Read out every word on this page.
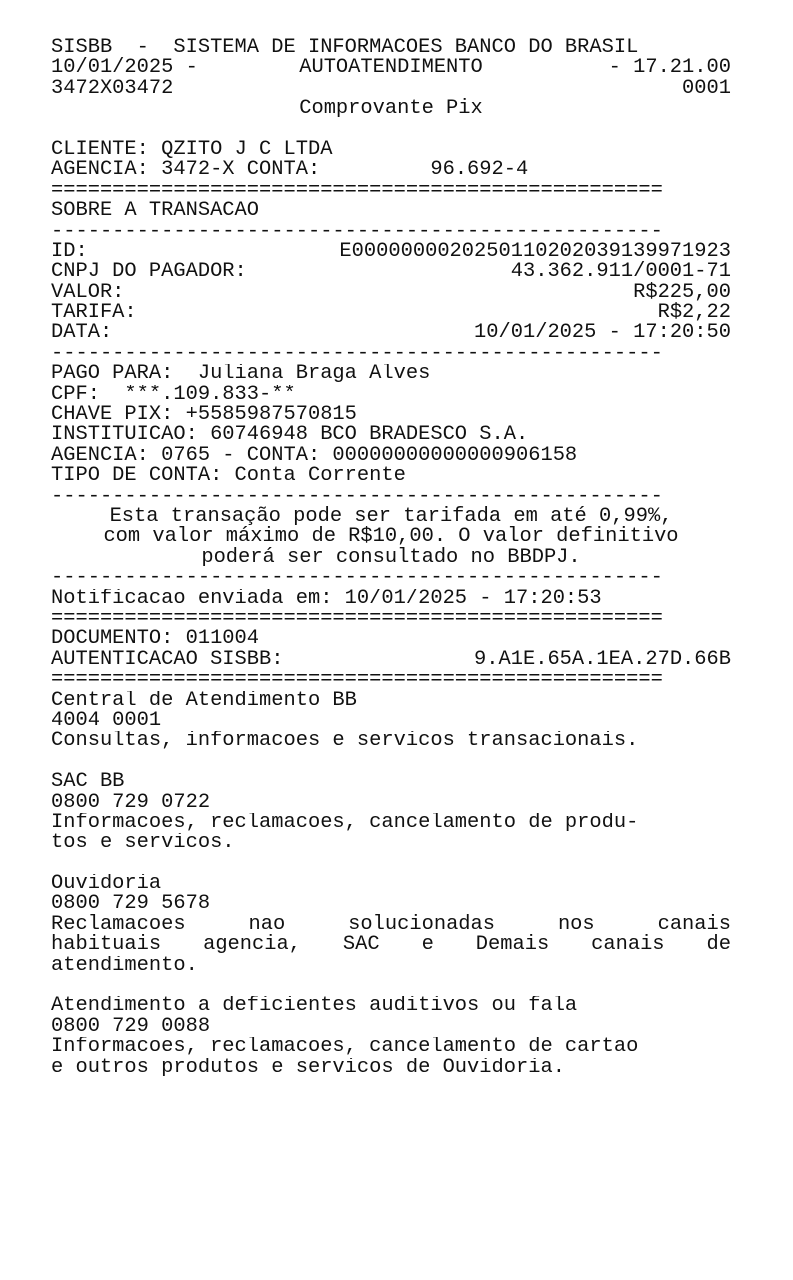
SISBB  -  SISTEMA DE INFORMACOES BANCO DO BRASIL
10/01/2025 -	AUTOATENDIMENTO	- 17.21.00
3472X03472	0001
Comprovante Pix
CLIENTE: QZITO J C LTDA
AGENCIA: 3472-X CONTA:	96.692-4
==================================================
SOBRE A TRANSACAO
--------------------------------------------------
ID:	E0000000020250110202039139971923
CNPJ DO PAGADOR:	43.362.911/0001-71
VALOR:	R$225,00
TARIFA:	R$2,22
DATA:	10/01/2025 - 17:20:50
--------------------------------------------------
PAGO PARA:  Juliana Braga Alves
CPF:  ***.109.833-**
CHAVE PIX: +5585987570815
INSTITUICAO: 60746948 BCO BRADESCO S.A.
AGENCIA: 0765 - CONTA: 00000000000000906158
TIPO DE CONTA: Conta Corrente
--------------------------------------------------
Esta transação pode ser tarifada em até 0,99%,
com valor máximo de R$10,00. O valor definitivo
poderá ser consultado no BBDPJ.
--------------------------------------------------
Notificacao enviada em: 10/01/2025 - 17:20:53
==================================================
DOCUMENTO: 011004
AUTENTICACAO SISBB:	9.A1E.65A.1EA.27D.66B
==================================================
Central de Atendimento BB
4004 0001
Consultas, informacoes e servicos transacionais.
SAC BB
0800 729 0722
Informacoes, reclamacoes, cancelamento de produ-
tos e servicos.
Ouvidoria
0800 729 5678
Reclamacoes	nao	solucionadas	nos	canais
habituais agencia, SAC e Demais canais de
atendimento.
Atendimento a deficientes auditivos ou fala
0800 729 0088
Informacoes, reclamacoes, cancelamento de cartao
e outros produtos e servicos de Ouvidoria.
